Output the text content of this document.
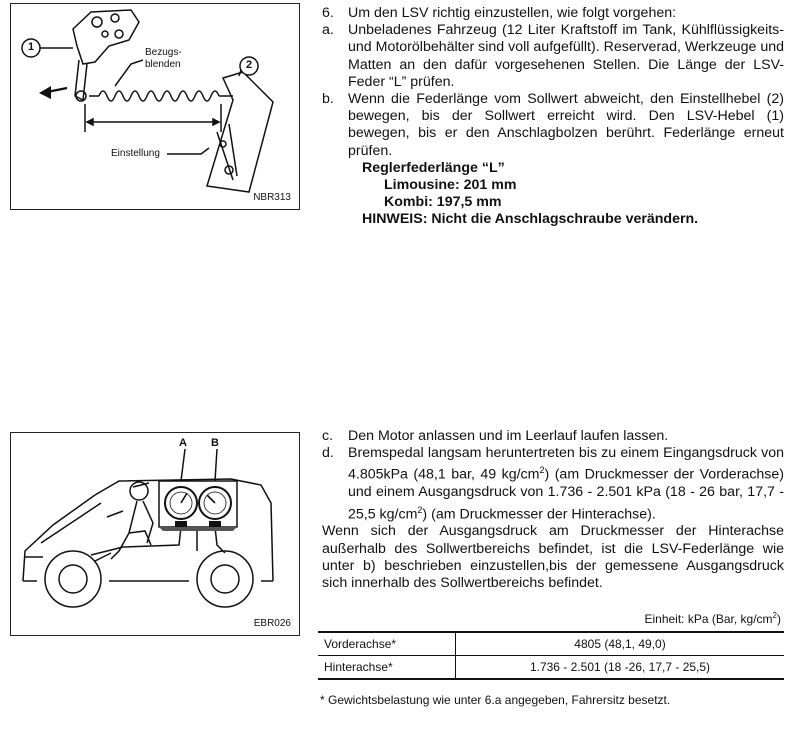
1
2
Bezugs-
blenden
Einstellung
NBR313
6. Um den LSV richtig einzustellen, wie folgt vorgehen:
a. Unbeladenes Fahrzeug (12 Liter Kraftstoff im Tank, Kühlflüssigkeits- und Motorölbehälter sind voll aufgefüllt). Reserverad, Werkzeuge und Matten an den dafür vorgesehenen Stellen. Die Länge der LSV-Feder “L” prüfen.
b. Wenn die Federlänge vom Sollwert abweicht, den Einstellhebel (2) bewegen, bis der Sollwert erreicht wird. Den LSV-Hebel (1) bewegen, bis er den Anschlagbolzen berührt. Federlänge erneut prüfen.
Reglerfederlänge “L”
Limousine: 201 mm
Kombi: 197,5 mm
HINWEIS: Nicht die Anschlagschraube verändern.
A B
EBR026
c. Den Motor anlassen und im Leerlauf laufen lassen.
d. Bremspedal langsam heruntertreten bis zu einem Eingangsdruck von 4.805kPa (48,1 bar, 49 $kg/cm^2$) (am Druckmesser der Vorderachse) und einem Ausgangsdruck von 1.736 - 2.501 kPa (18 - 26 bar, 17,7 - 25,5 $kg/cm^2$) (am Druckmesser der Hinterachse).
Wenn sich der Ausgangsdruck am Druckmesser der Hinterachse außerhalb des Sollwertbereichs befindet, ist die LSV-Federlänge wie unter b) beschrieben einzustellen,bis der gemessene Ausgangsdruck sich innerhalb des Sollwertbereichs befindet.
Einheit: kPa (Bar, $kg/cm^2$)
Vorderachse*	4805 (48,1, 49,0)
Hinterachse*	1.736 - 2.501 (18 -26, 17,7 - 25,5)
* Gewichtsbelastung wie unter 6.a angegeben, Fahrersitz besetzt.
